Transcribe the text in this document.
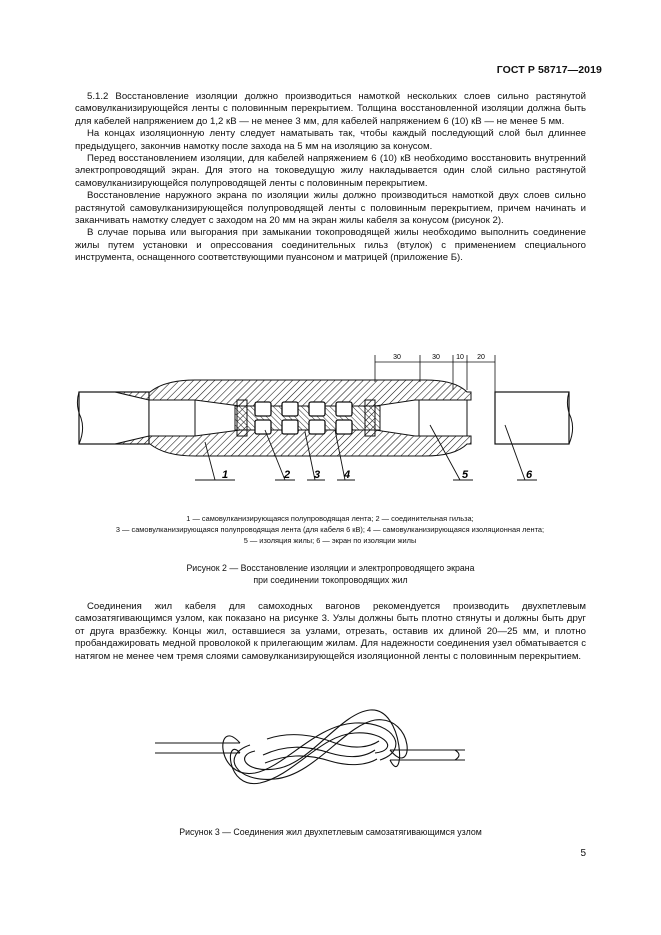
ГОСТ Р 58717—2019

5.1.2 Восстановление изоляции должно производиться намоткой нескольких слоев сильно растянутой самовулканизирующейся ленты с половинным перекрытием. Толщина восстановленной изоляции должна быть для кабелей напряжением до 1,2 кВ — не менее 3 мм, для кабелей напряжением 6 (10) кВ — не менее 5 мм.

На концах изоляционную ленту следует наматывать так, чтобы каждый последующий слой был длиннее предыдущего, закончив намотку после захода на 5 мм на изоляцию за конусом.

Перед восстановлением изоляции, для кабелей напряжением 6 (10) кВ необходимо восстановить внутренний электропроводящий экран. Для этого на токоведущую жилу накладывается один слой сильно растянутой самовулканизирующейся полупроводящей ленты с половинным перекрытием.

Восстановление наружного экрана по изоляции жилы должно производиться намоткой двух слоев сильно растянутой самовулканизирующейся полупроводящей ленты с половинным перекрытием, причем начинать и заканчивать намотку следует с заходом на 20 мм на экран жилы кабеля за конусом (рисунок 2).

В случае порыва или выгорания при замыкании токопроводящей жилы необходимо выполнить соединение жилы путем установки и опрессования соединительных гильз (втулок) с применением специального инструмента, оснащенного соответствующими пуансоном и матрицей (приложение Б).

30	30 10 20
1	2 3 4	5	6
1 — самовулканизирующаяся полупроводящая лента; 2 — соединительная гильза;
3 — самовулканизирующаяся полупроводящая лента (для кабеля 6 кВ); 4 — самовулканизирующаяся изоляционная лента;
5 — изоляция жилы; 6 — экран по изоляции жилы
Рисунок 2 — Восстановление изоляции и электропроводящего экрана
при соединении токопроводящих жил

Соединения жил кабеля для самоходных вагонов рекомендуется производить двухпетлевым самозатягивающимся узлом, как показано на рисунке 3. Узлы должны быть плотно стянуты и должны быть друг от друга вразбежку. Концы жил, оставшиеся за узлами, отрезать, оставив их длиной 20—25 мм, и плотно пробандажировать медной проволокой к прилегающим жилам. Для надежности соединения узел обматывается с натягом не менее чем тремя слоями самовулканизирующейся изоляционной ленты с половинным перекрытием.

Рисунок 3 — Соединения жил двухпетлевым самозатягивающимся узлом
5
